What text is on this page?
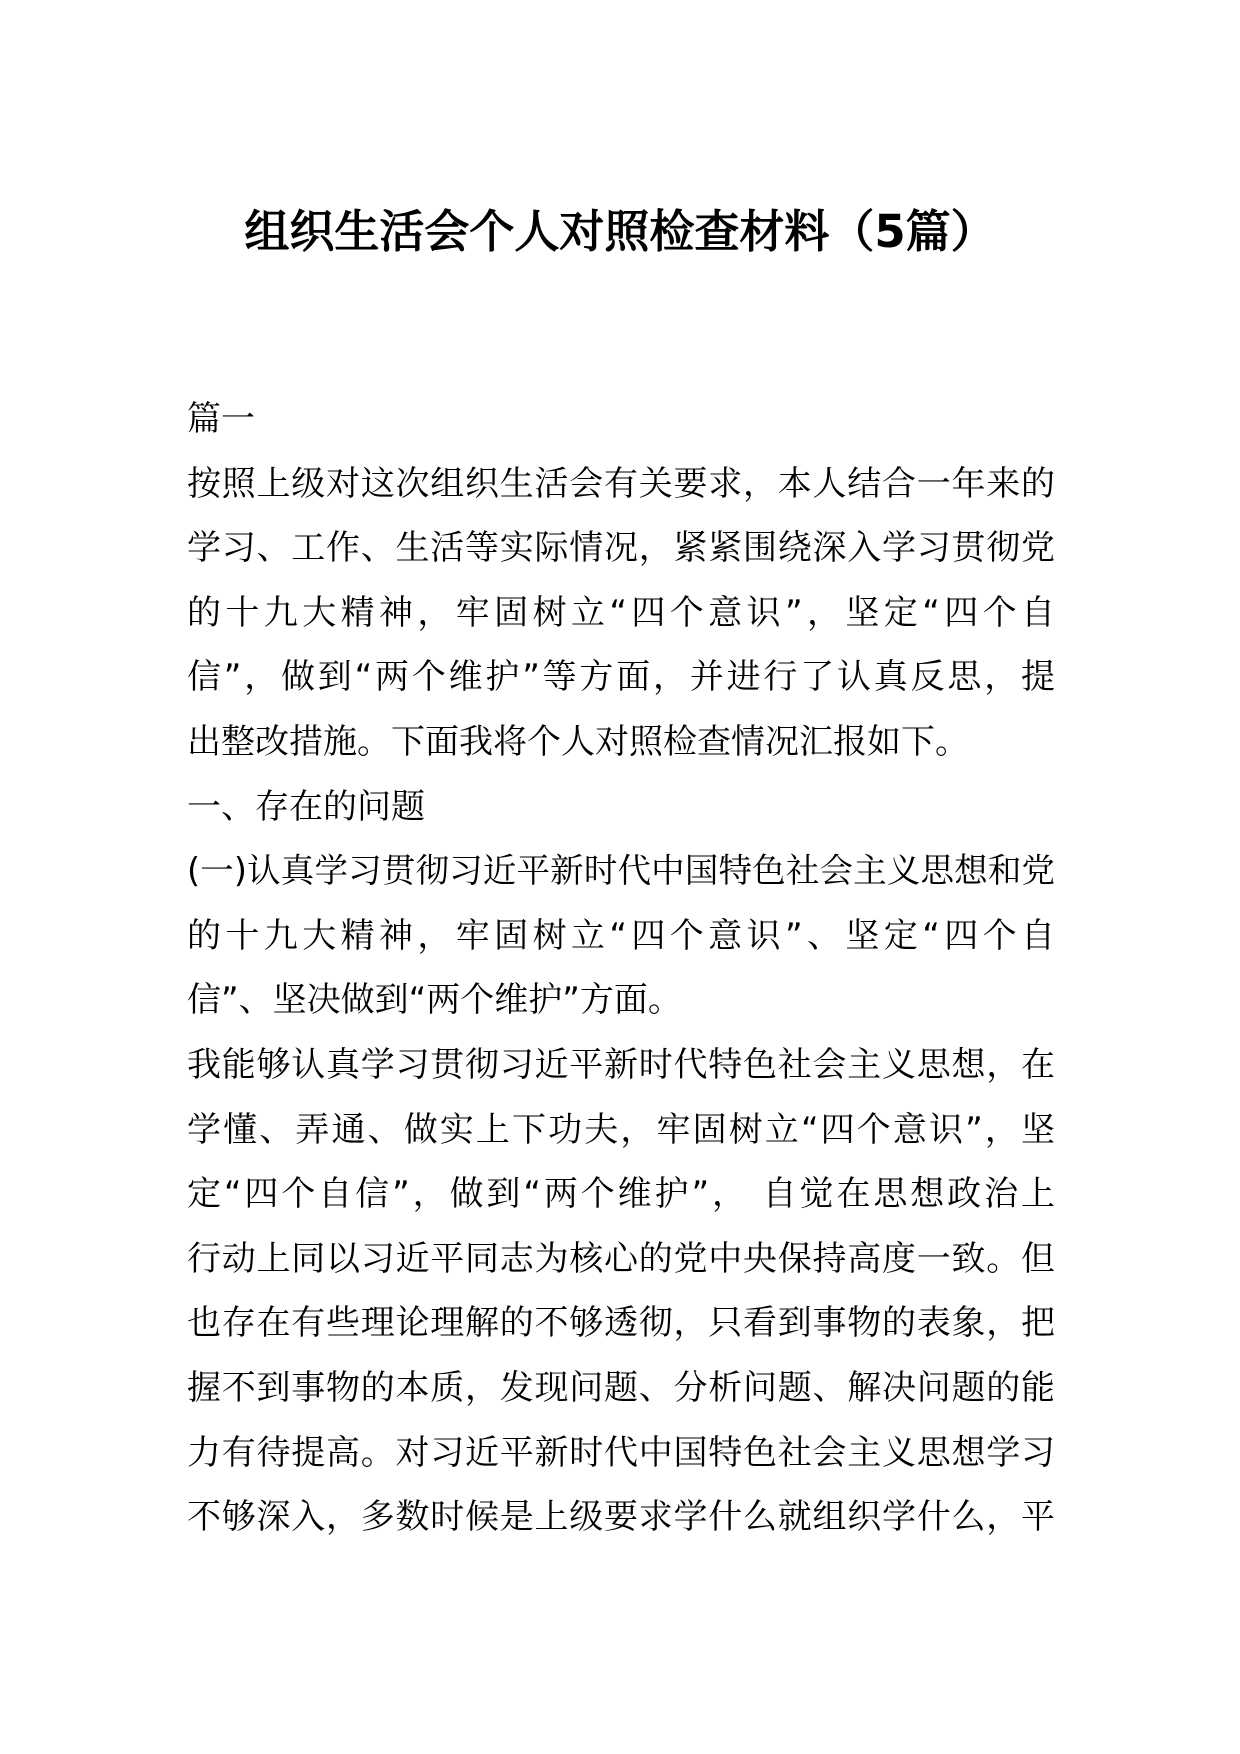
组织生活会个人对照检查材料（5篇）
篇一
按照上级对这次组织生活会有关要求，本人结合一年来的
学习、工作、生活等实际情况，紧紧围绕深入学习贯彻党
的十九大精神，牢固树立“四个意识”，坚定“四个自
信”，做到“两个维护”等方面，并进行了认真反思，提
出整改措施。下面我将个人对照检查情况汇报如下。
一、存在的问题
(一)认真学习贯彻习近平新时代中国特色社会主义思想和党
的十九大精神，牢固树立“四个意识”、坚定“四个自
信”、坚决做到“两个维护”方面。
我能够认真学习贯彻习近平新时代特色社会主义思想，在
学懂、弄通、做实上下功夫，牢固树立“四个意识”，坚
定“四个自信”，做到“两个维护”， 自觉在思想政治上
行动上同以习近平同志为核心的党中央保持高度一致。但
也存在有些理论理解的不够透彻，只看到事物的表象，把
握不到事物的本质，发现问题、分析问题、解决问题的能
力有待提高。对习近平新时代中国特色社会主义思想学习
不够深入，多数时候是上级要求学什么就组织学什么，平
